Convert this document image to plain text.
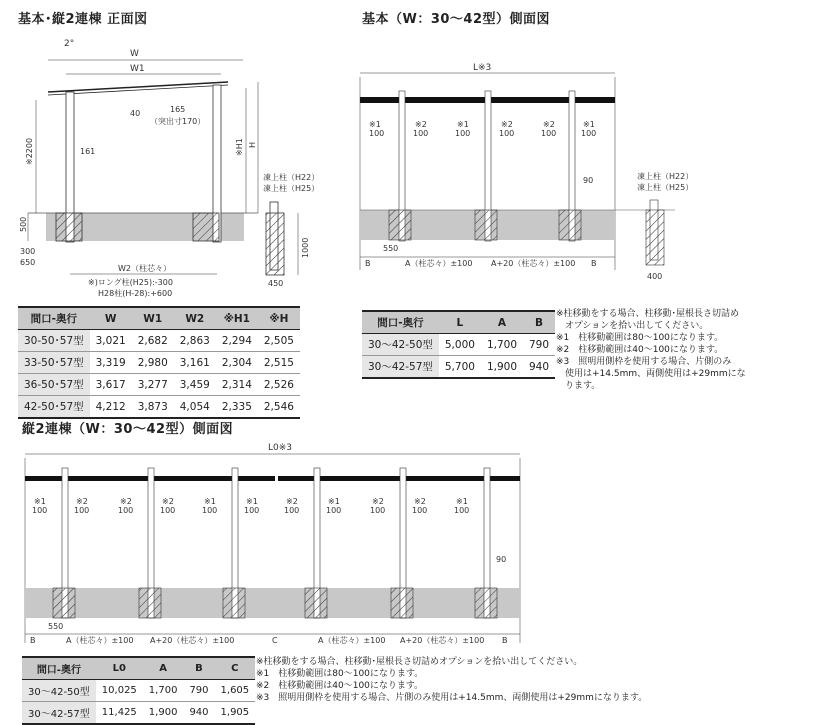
基本･縦2連棟 正面図
2°
W
W1
165
40
（突出寸170）
161
※2200	※H1 H
500
300
650
W2（柱芯々）
※)ロング柱(H25):-300
H28柱(H-28):+600
凍上柱（H22）
凍上柱（H25）
1000
450
間口-奥行	W	W1	W2	※H1	※H
30-50･57型	3,021	2,682	2,863	2,294	2,505
33-50･57型	3,319	2,980	3,161	2,304	2,515
36-50･57型	3,617	3,277	3,459	2,314	2,526
42-50･57型	4,212	3,873	4,054	2,335	2,546
基本（W：30～42型）側面図
L※3
※1
100
※2
100
※1
100
※2
100
※2
100
※1
100
90	凍上柱（H22）
凍上柱（H25）
400
550
B	A（柱芯々）±100 A+20（柱芯々）±100 B
間口-奥行	L	A	B
30～42-50型	5,000	1,700	790
30～42-57型	5,700	1,900	940
※柱移動をする場合、柱移動･屋根長さ切詰め
　オプションを拾い出してください。
※1　柱移動範囲は80～100になります。
※2　柱移動範囲は40～100になります。
※3　照明用側枠を使用する場合、片側のみ
　使用は+14.5mm、両側使用は+29mmにな
　ります。
縦2連棟（W：30～42型）側面図
L0※3
※1
100
※2
100
※2
100
※2
100
※1
100
※1
100
※2
100
※1
100
※2
100
※2
100
※1
100
90
550
B	A（柱芯々）±100 A+20（柱芯々）±100	C	A（柱芯々）±100 A+20（柱芯々）±100 B
間口-奥行	L0	A	B	C
30～42-50型	10,025	1,700	790	1,605
30～42-57型	11,425	1,900	940	1,905
※柱移動をする場合、柱移動･屋根長さ切詰めオプションを拾い出してください。
※1　柱移動範囲は80～100になります。
※2　柱移動範囲は40～100になります。
※3　照明用側枠を使用する場合、片側のみ使用は+14.5mm、両側使用は+29mmになります。
